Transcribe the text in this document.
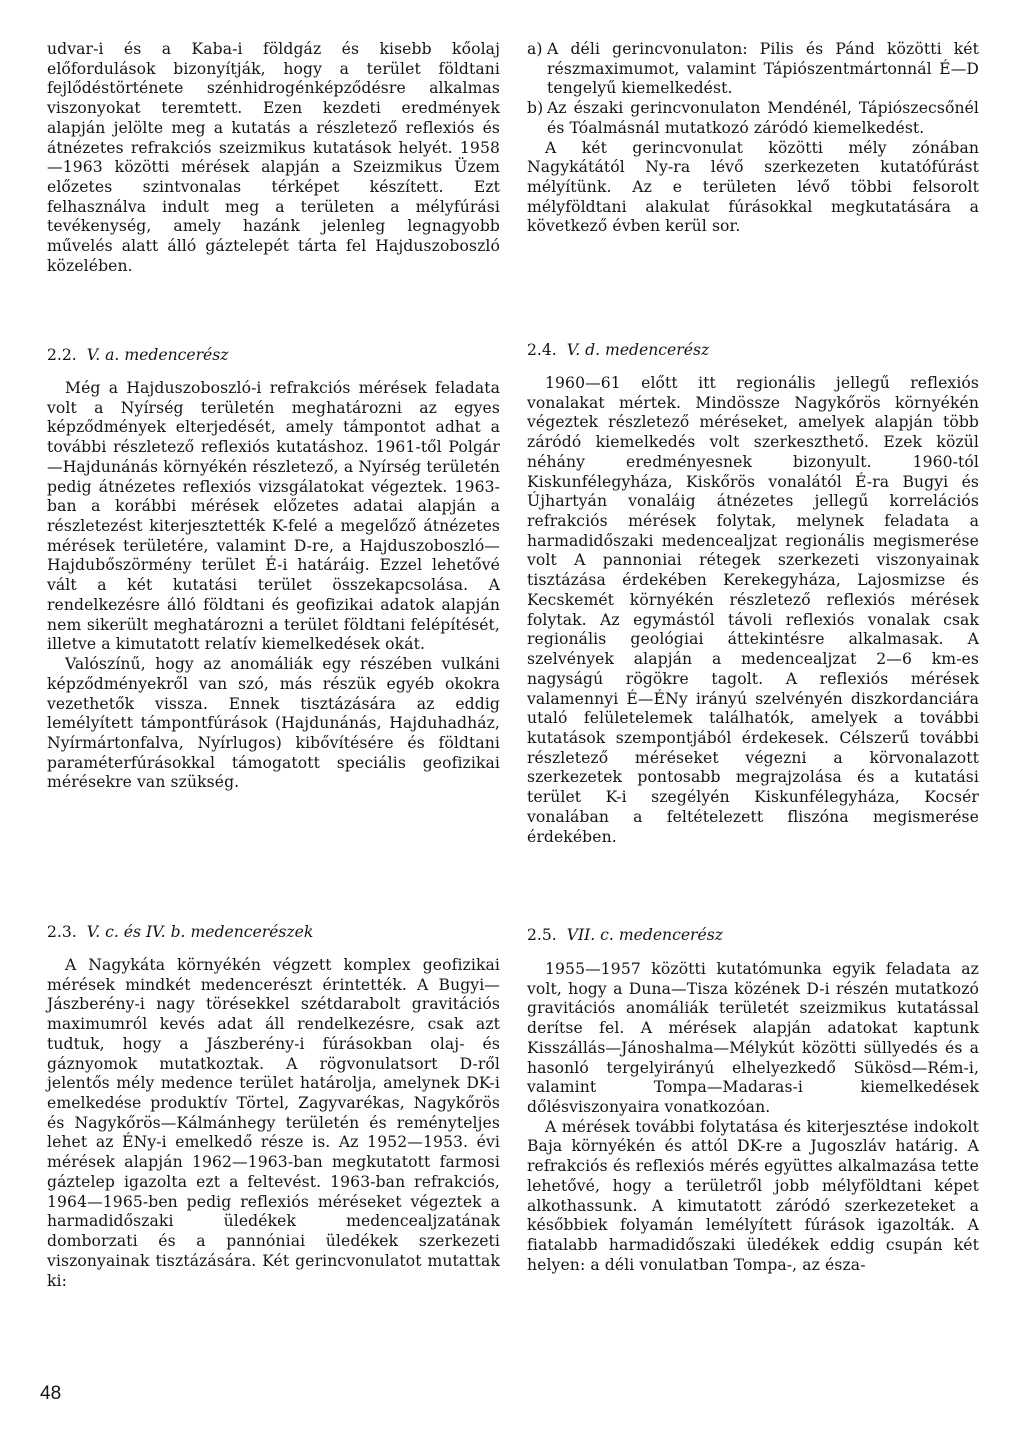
udvar-i és a Kaba-i földgáz és kisebb kőolaj előfordulások bizonyítják, hogy a terület földtani fejlődéstörténete szénhidrogénképződésre alkalmas viszonyokat teremtett. Ezen kezdeti eredmények alapján jelölte meg a kutatás a részletező reflexiós és átnézetes refrakciós szeizmikus kutatások helyét. 1958—1963 közötti mérések alapján a Szeizmikus Üzem előzetes szintvonalas térképet készített. Ezt felhasználva indult meg a területen a mélyfúrási tevékenység, amely hazánk jelenleg legnagyobb művelés alatt álló gáztelepét tárta fel Hajduszoboszló közelében.

2.2. V. a. medencerész

Még a Hajduszoboszló-i refrakciós mérések feladata volt a Nyírség területén meghatározni az egyes képződmények elterjedését, amely támpontot adhat a további részletező reflexiós kutatáshoz. 1961-től Polgár—Hajdunánás környékén részletező, a Nyírség területén pedig átnézetes reflexiós vizsgálatokat végeztek. 1963-ban a korábbi mérések előzetes adatai alapján a részletezést kiterjesztették K-felé a megelőző átnézetes mérések területére, valamint D-re, a Hajduszoboszló—Hajdubőszörmény terület É-i határáig. Ezzel lehetővé vált a két kutatási terület összekapcsolása. A rendelkezésre álló földtani és geofizikai adatok alapján nem sikerült meghatározni a terület földtani felépítését, illetve a kimutatott relatív kiemelkedések okát.

Valószínű, hogy az anomáliák egy részében vulkáni képződményekről van szó, más részük egyéb okokra vezethetők vissza. Ennek tisztázására az eddig lemélyített támpontfúrások (Hajdunánás, Hajduhadház, Nyírmártonfalva, Nyírlugos) kibővítésére és földtani paraméterfúrásokkal támogatott speciális geofizikai mérésekre van szükség.

2.3. V. c. és IV. b. medencerészek

A Nagykáta környékén végzett komplex geofizikai mérések mindkét medencerészt érintették. A Bugyi—Jászberény-i nagy törésekkel szétdarabolt gravitációs maximumról kevés adat áll rendelkezésre, csak azt tudtuk, hogy a Jászberény-i fúrásokban olaj- és gáznyomok mutatkoztak. A rögvonulatsort D-ről jelentős mély medence terület határolja, amelynek DK-i emelkedése produktív Törtel, Zagyvarékas, Nagykőrös és Nagykőrös—Kálmánhegy területén és reményteljes lehet az ÉNy-i emelkedő része is. Az 1952—1953. évi mérések alapján 1962—1963-ban megkutatott farmosi gáztelep igazolta ezt a feltevést. 1963-ban refrakciós, 1964—1965-ben pedig reflexiós méréseket végeztek a harmadidőszaki üledékek medencealjzatának domborzati és a pannóniai üledékek szerkezeti viszonyainak tisztázására. Két gerincvonulatot mutattak ki:

a) A déli gerincvonulaton: Pilis és Pánd közötti két részmaximumot, valamint Tápiószentmártonnál É—D tengelyű kiemelkedést.
b) Az északi gerincvonulaton Mendénél, Tápiószecsőnél és Tóalmásnál mutatkozó záródó kiemelkedést.

A két gerincvonulat közötti mély zónában Nagykátától Ny-ra lévő szerkezeten kutatófúrást mélyítünk. Az e területen lévő többi felsorolt mélyföldtani alakulat fúrásokkal megkutatására a következő évben kerül sor.

2.4. V. d. medencerész

1960—61 előtt itt regionális jellegű reflexiós vonalakat mértek. Mindössze Nagykőrös környékén végeztek részletező méréseket, amelyek alapján több záródó kiemelkedés volt szerkeszthető. Ezek közül néhány eredményesnek bizonyult. 1960-tól Kiskunfélegyháza, Kiskőrös vonalától É-ra Bugyi és Újhartyán vonaláig átnézetes jellegű korrelációs refrakciós mérések folytak, melynek feladata a harmadidőszaki medencealjzat regionális megismerése volt A pannoniai rétegek szerkezeti viszonyainak tisztázása érdekében Kerekegyháza, Lajosmizse és Kecskemét környékén részletező reflexiós mérések folytak. Az egymástól távoli reflexiós vonalak csak regionális geológiai áttekintésre alkalmasak. A szelvények alapján a medencealjzat 2—6 km-es nagyságú rögökre tagolt. A reflexiós mérések valamennyi É—ÉNy irányú szelvényén diszkordanciára utaló felületelemek találhatók, amelyek a további kutatások szempontjából érdekesek. Célszerű további részletező méréseket végezni a körvonalazott szerkezetek pontosabb megrajzolása és a kutatási terület K-i szegélyén Kiskunfélegyháza, Kocsér vonalában a feltételezett fliszóna megismerése érdekében.

2.5. VII. c. medencerész

1955—1957 közötti kutatómunka egyik feladata az volt, hogy a Duna—Tisza közének D-i részén mutatkozó gravitációs anomáliák területét szeizmikus kutatással derítse fel. A mérések alapján adatokat kaptunk Kisszállás—Jánoshalma—Mélykút közötti süllyedés és a hasonló tergelyirányú elhelyezkedő Sükösd—Rém-i, valamint Tompa—Madaras-i kiemelkedések dőlésviszonyaira vonatkozóan.

A mérések további folytatása és kiterjesztése indokolt Baja környékén és attól DK-re a Jugoszláv határig. A refrakciós és reflexiós mérés együttes alkalmazása tette lehetővé, hogy a területről jobb mélyföldtani képet alkothassunk. A kimutatott záródó szerkezeteket a későbbiek folyamán lemélyített fúrások igazolták. A fiatalabb harmadidőszaki üledékek eddig csupán két helyen: a déli vonulatban Tompa-, az észa-

48
